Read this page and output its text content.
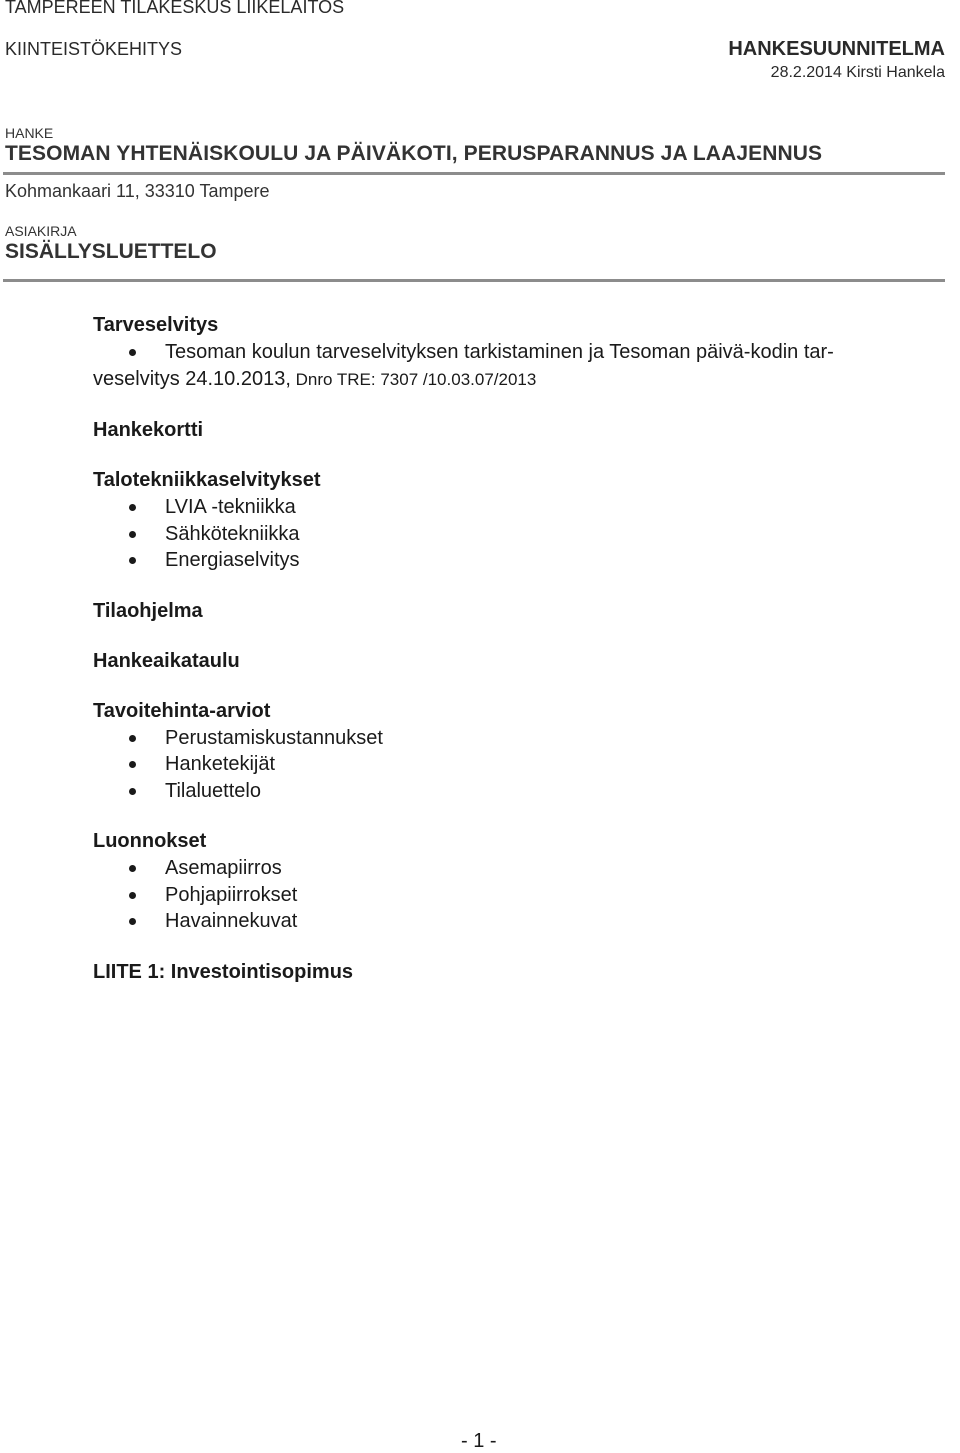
TAMPEREEN TILAKESKUS LIIKELAITOS
KIINTEISTÖKEHITYS	HANKESUUNNITELMA
28.2.2014 Kirsti Hankela
HANKE
TESOMAN YHTENÄISKOULU JA PÄIVÄKOTI, PERUSPARANNUS JA LAAJENNUS
Kohmankaari 11, 33310 Tampere
ASIAKIRJA
SISÄLLYSLUETTELO

Tarveselvitys

Tesoman koulun tarveselvityksen tarkistaminen ja Tesoman päivä-kodin tar-
veselvitys 24.10.2013, Dnro TRE: 7307 /10.03.07/2013

Hankekortti

Talotekniikkaselvitykset

LVIA -tekniikka
Sähkötekniikka
Energiaselvitys

Tilaohjelma

Hankeaikataulu

Tavoitehinta-arviot

Perustamiskustannukset
Hanketekijät
Tilaluettelo

Luonnokset

Asemapiirros
Pohjapiirrokset
Havainnekuvat

LIITE 1: Investointisopimus

- 1 -
